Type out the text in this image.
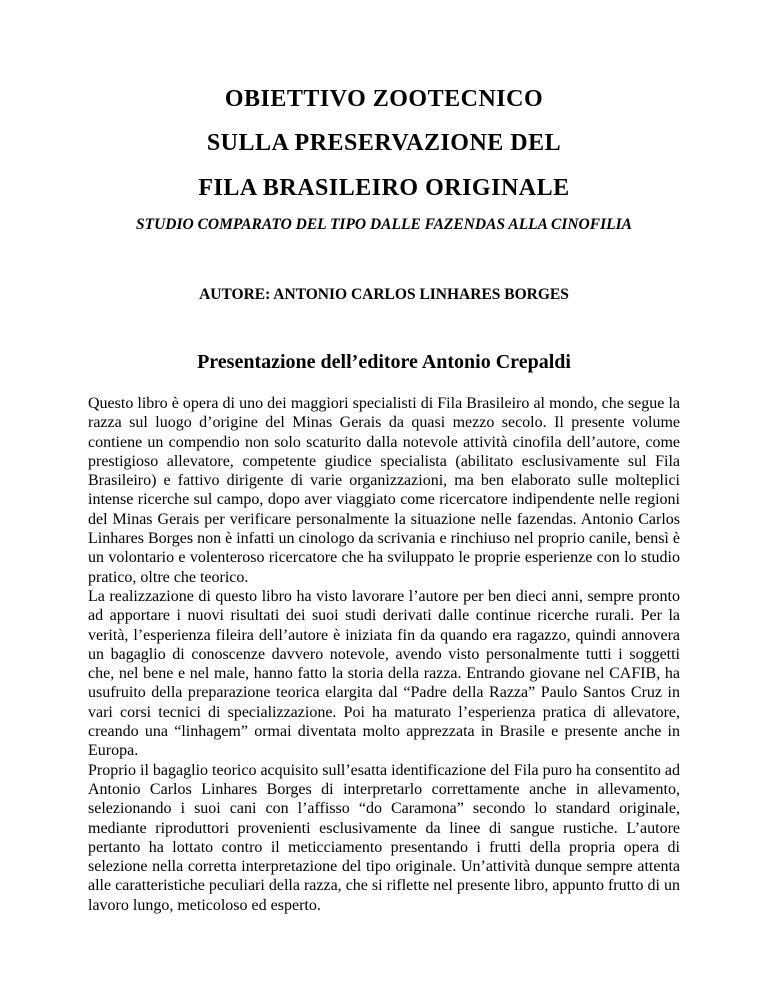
OBIETTIVO ZOOTECNICO
SULLA PRESERVAZIONE DEL
FILA BRASILEIRO ORIGINALE
STUDIO COMPARATO DEL TIPO DALLE FAZENDAS ALLA CINOFILIA
AUTORE: ANTONIO CARLOS LINHARES BORGES
Presentazione dell’editore Antonio Crepaldi

Questo libro è opera di uno dei maggiori specialisti di Fila Brasileiro al mondo, che segue la razza sul luogo d’origine del Minas Gerais da quasi mezzo secolo. Il presente volume contiene un compendio non solo scaturito dalla notevole attività cinofila dell’autore, come prestigioso allevatore, competente giudice specialista (abilitato esclusivamente sul Fila Brasileiro) e fattivo dirigente di varie organizzazioni, ma ben elaborato sulle molteplici intense ricerche sul campo, dopo aver viaggiato come ricercatore indipendente nelle regioni del Minas Gerais per verificare personalmente la situazione nelle fazendas. Antonio Carlos Linhares Borges non è infatti un cinologo da scrivania e rinchiuso nel proprio canile, bensì è un volontario e volenteroso ricercatore che ha sviluppato le proprie esperienze con lo studio pratico, oltre che teorico.

La realizzazione di questo libro ha visto lavorare l’autore per ben dieci anni, sempre pronto ad apportare i nuovi risultati dei suoi studi derivati dalle continue ricerche rurali. Per la verità, l’esperienza fileira dell’autore è iniziata fin da quando era ragazzo, quindi annovera un bagaglio di conoscenze davvero notevole, avendo visto personalmente tutti i soggetti che, nel bene e nel male, hanno fatto la storia della razza. Entrando giovane nel CAFIB, ha usufruito della preparazione teorica elargita dal “Padre della Razza” Paulo Santos Cruz in vari corsi tecnici di specializzazione. Poi ha maturato l’esperienza pratica di allevatore, creando una “linhagem” ormai diventata molto apprezzata in Brasile e presente anche in Europa.

Proprio il bagaglio teorico acquisito sull’esatta identificazione del Fila puro ha consentito ad Antonio Carlos Linhares Borges di interpretarlo correttamente anche in allevamento, selezionando i suoi cani con l’affisso “do Caramona” secondo lo standard originale, mediante riproduttori provenienti esclusivamente da linee di sangue rustiche. L’autore pertanto ha lottato contro il meticciamento presentando i frutti della propria opera di selezione nella corretta interpretazione del tipo originale. Un’attività dunque sempre attenta alle caratteristiche peculiari della razza, che si riflette nel presente libro, appunto frutto di un lavoro lungo, meticoloso ed esperto.
